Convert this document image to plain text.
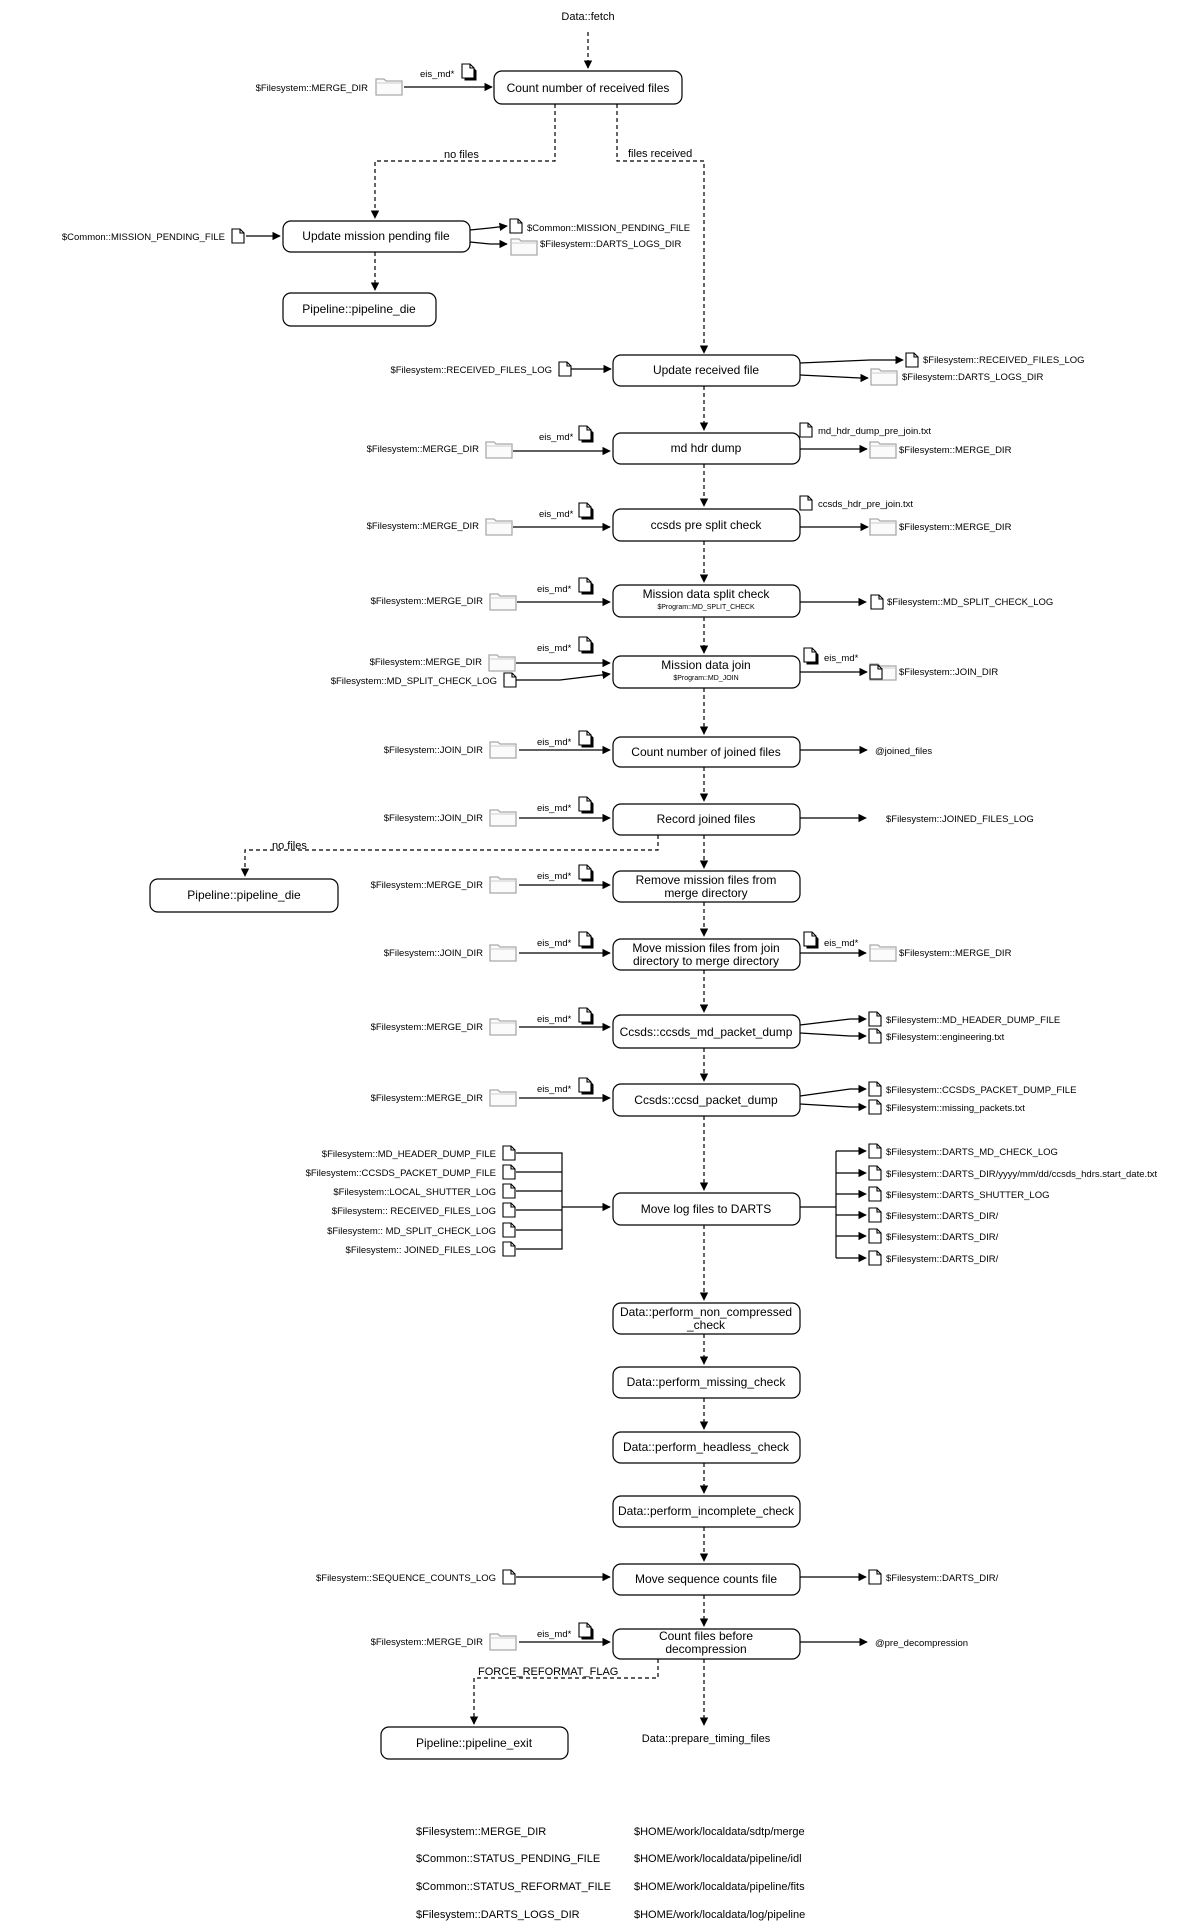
Data::fetch
Count number of received files
Update mission pending file
Pipeline::pipeline_die
Update received file
md hdr dump
ccsds pre split check
Mission data split check
$Program::MD_SPLIT_CHECK
Mission data join
$Program::MD_JOIN
Count number of joined files
Record joined files
Pipeline::pipeline_die
Remove mission files from
merge directory
Move mission files from join
directory to merge directory
Ccsds::ccsds_md_packet_dump
Ccsds::ccsd_packet_dump
Move log files to DARTS
Data::perform_non_compressed
_check
Data::perform_missing_check
Data::perform_headless_check
Data::perform_incomplete_check
Move sequence counts file
Count files before
decompression
Pipeline::pipeline_exit	Data::prepare_timing_files
no files	files received
no files
FORCE_REFORMAT_FLAG
$Filesystem::MERGE_DIR
$Common::MISSION_PENDING_FILE
$Filesystem::RECEIVED_FILES_LOG
$Filesystem::MERGE_DIR
$Filesystem::MERGE_DIR
$Filesystem::MERGE_DIR
$Filesystem::MERGE_DIR
$Filesystem::MD_SPLIT_CHECK_LOG
$Filesystem::JOIN_DIR
$Filesystem::JOIN_DIR
$Filesystem::MERGE_DIR
$Filesystem::JOIN_DIR
$Filesystem::MERGE_DIR
$Filesystem::MERGE_DIR
$Filesystem::MD_HEADER_DUMP_FILE
$Filesystem::CCSDS_PACKET_DUMP_FILE
$Filesystem::LOCAL_SHUTTER_LOG
$Filesystem:: RECEIVED_FILES_LOG
$Filesystem:: MD_SPLIT_CHECK_LOG
$Filesystem:: JOINED_FILES_LOG
$Filesystem::SEQUENCE_COUNTS_LOG
$Filesystem::MERGE_DIR
eis_md*
$Common::MISSION_PENDING_FILE
$Filesystem::DARTS_LOGS_DIR
$Filesystem::RECEIVED_FILES_LOG
$Filesystem::DARTS_LOGS_DIR
eis_md*
md_hdr_dump_pre_join.txt
$Filesystem::MERGE_DIR
eis_md*
ccsds_hdr_pre_join.txt
$Filesystem::MERGE_DIR
eis_md*
$Filesystem::MD_SPLIT_CHECK_LOG
eis_md*
eis_md*
$Filesystem::JOIN_DIR
eis_md*
@joined_files
eis_md*
$Filesystem::JOINED_FILES_LOG
eis_md*
eis_md*	eis_md*
$Filesystem::MERGE_DIR
eis_md*	$Filesystem::MD_HEADER_DUMP_FILE
$Filesystem::engineering.txt
eis_md*	$Filesystem::CCSDS_PACKET_DUMP_FILE
$Filesystem::missing_packets.txt
$Filesystem::DARTS_MD_CHECK_LOG
$Filesystem::DARTS_DIR/yyyy/mm/dd/ccsds_hdrs.start_date.txt
$Filesystem::DARTS_SHUTTER_LOG
$Filesystem::DARTS_DIR/
$Filesystem::DARTS_DIR/
$Filesystem::DARTS_DIR/
$Filesystem::DARTS_DIR/
eis_md*
@pre_decompression
$Filesystem::MERGE_DIR	$HOME/work/localdata/sdtp/merge
$Common::STATUS_PENDING_FILE	$HOME/work/localdata/pipeline/idl
$Common::STATUS_REFORMAT_FILE $HOME/work/localdata/pipeline/fits
$Filesystem::DARTS_LOGS_DIR	$HOME/work/localdata/log/pipeline
